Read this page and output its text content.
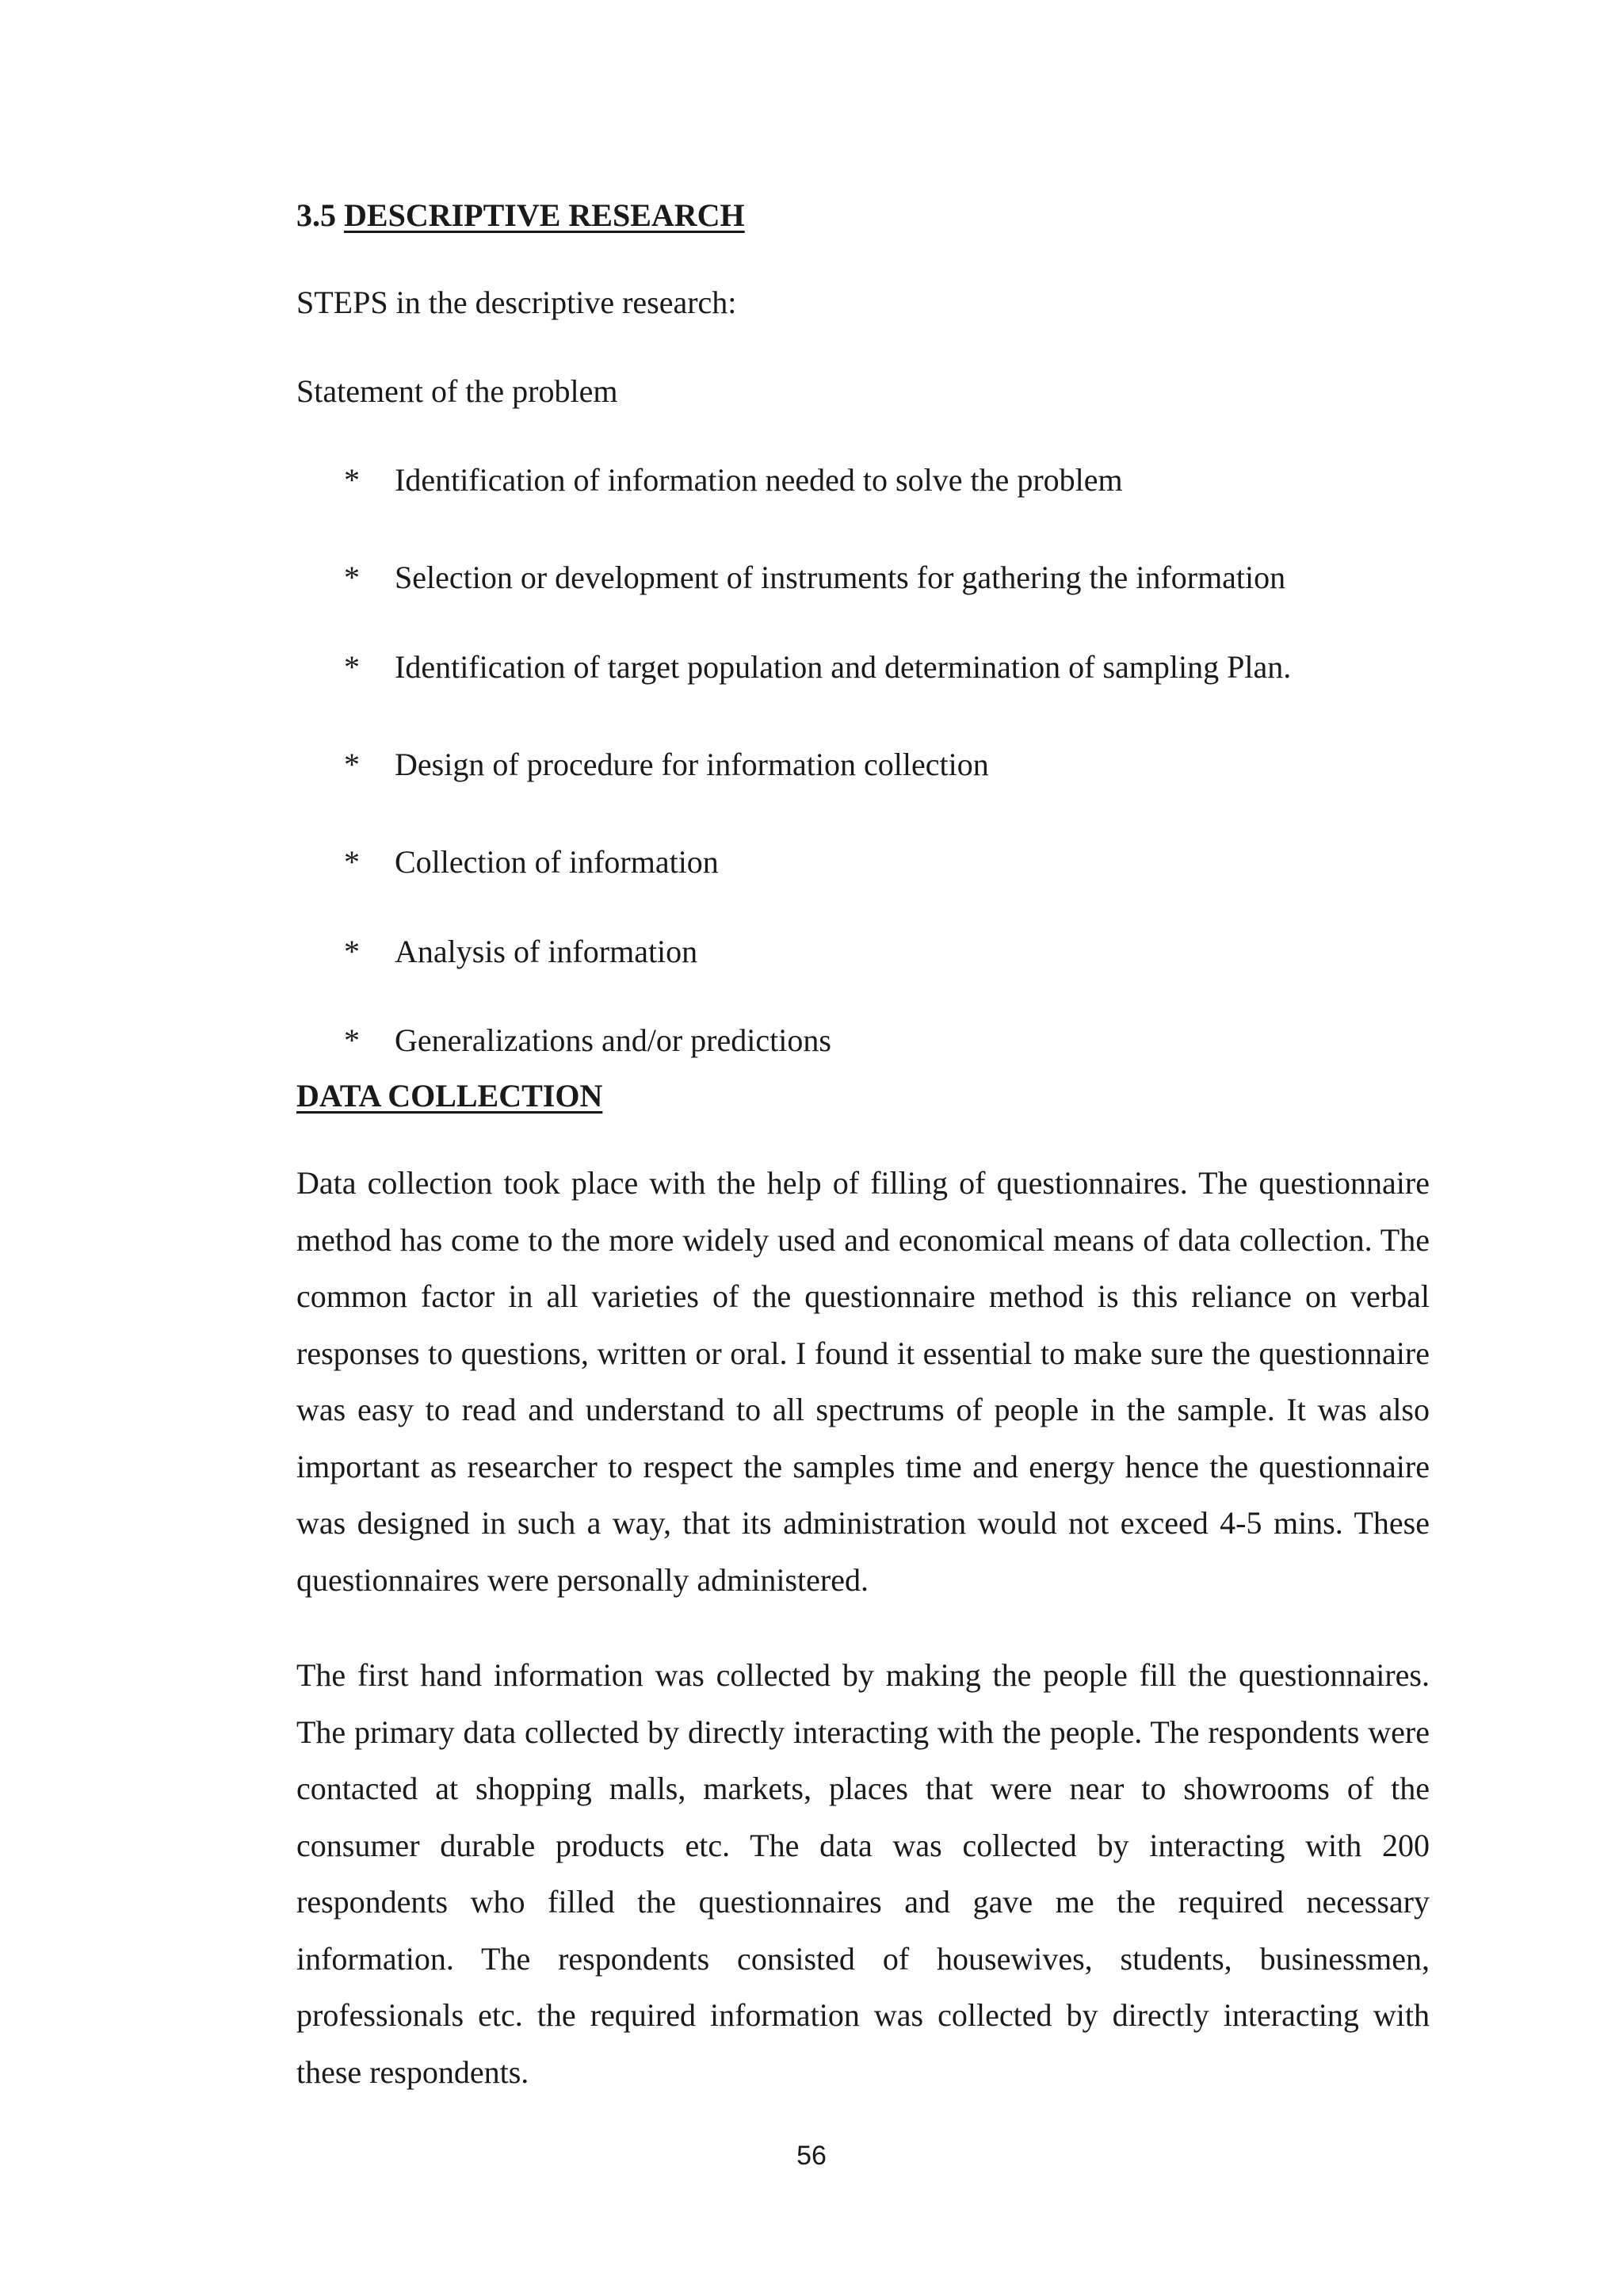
3.5 DESCRIPTIVE RESEARCH
STEPS in the descriptive research:
Statement of the problem
* Identification of information needed to solve the problem
* Selection or development of instruments for gathering the information
* Identification of target population and determination of sampling Plan.
* Design of procedure for information collection
* Collection of information
* Analysis of information
* Generalizations and/or predictions
DATA COLLECTION

Data collection took place with the help of filling of questionnaires. The questionnaire method has come to the more widely used and economical means of data collection. The common factor in all varieties of the questionnaire method is this reliance on verbal responses to questions, written or oral. I found it essential to make sure the questionnaire was easy to read and understand to all spectrums of people in the sample. It was also important as researcher to respect the samples time and energy hence the questionnaire was designed in such a way, that its administration would not exceed 4-5 mins. These questionnaires were personally administered.

The first hand information was collected by making the people fill the questionnaires. The primary data collected by directly interacting with the people. The respondents were contacted at shopping malls, markets, places that were near to showrooms of the consumer durable products etc. The data was collected by interacting with 200 respondents who filled the questionnaires and gave me the required necessary information. The respondents consisted of housewives, students, businessmen, professionals etc. the required information was collected by directly interacting with these respondents.

56
